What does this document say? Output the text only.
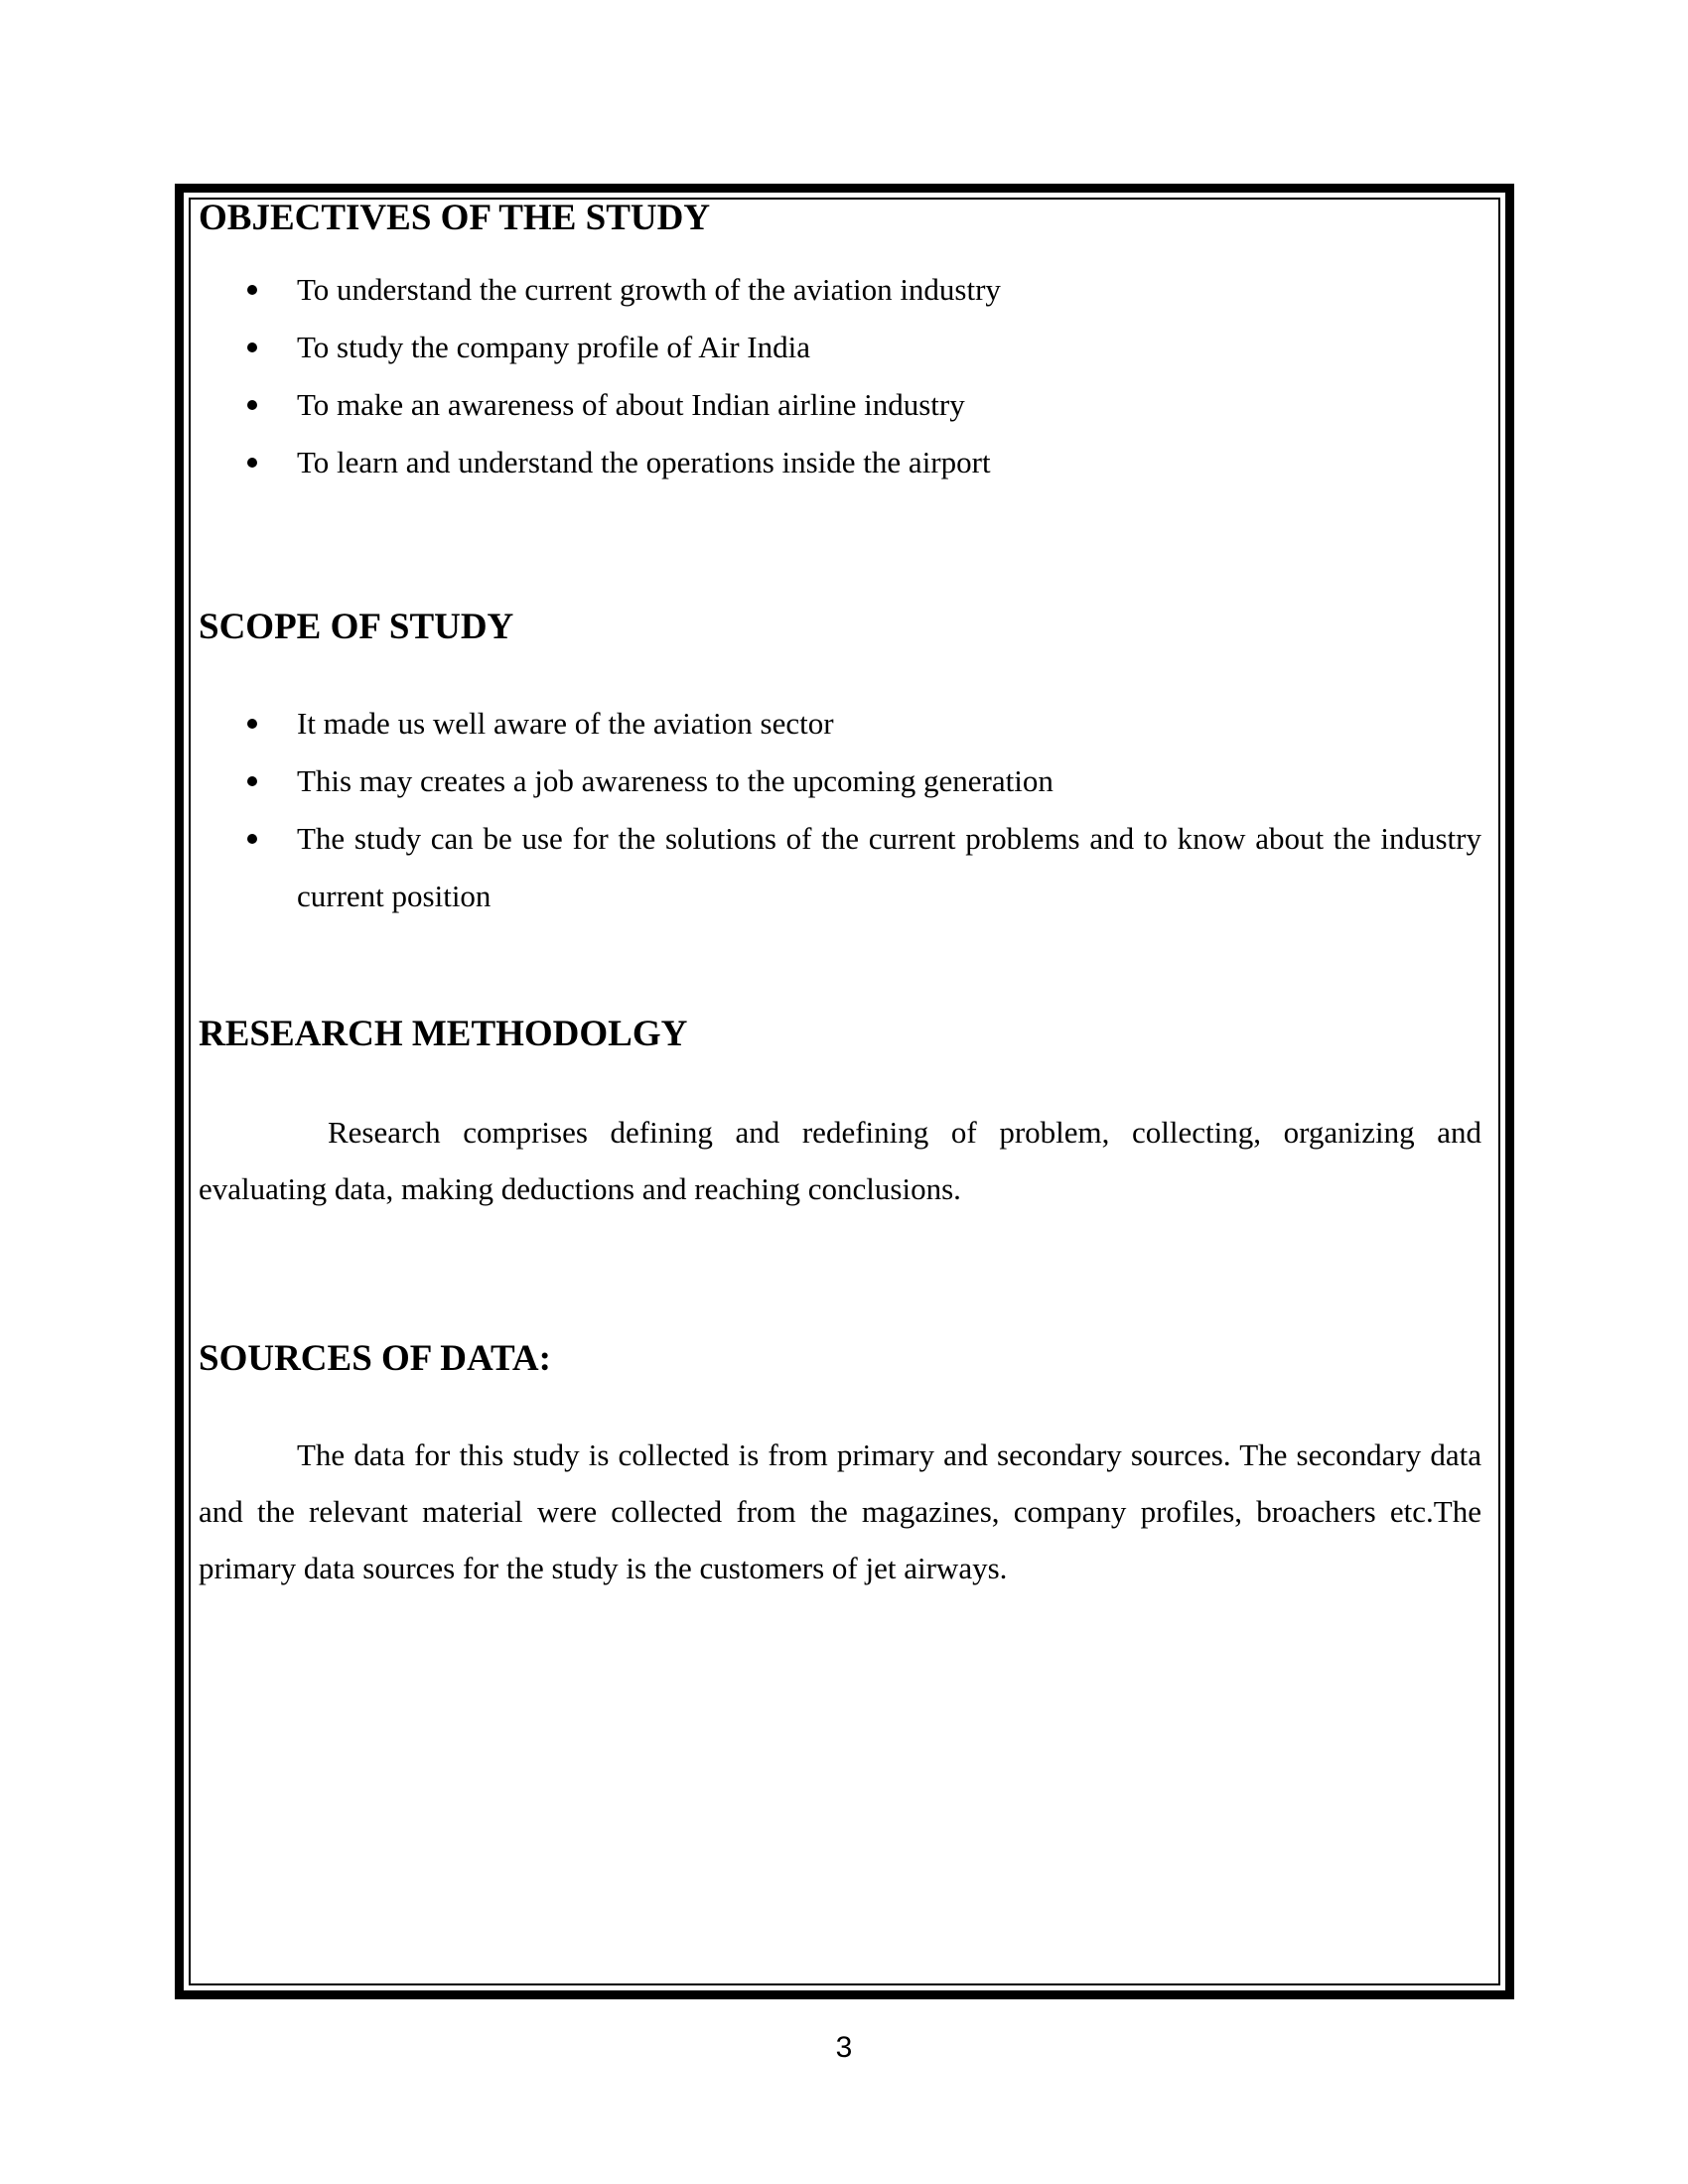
OBJECTIVES OF THE STUDY
To understand the current growth of the aviation industry
To study the company profile of Air India
To make an awareness of about Indian airline industry
To learn and understand the operations inside the airport
SCOPE OF STUDY
It made us well aware of the aviation sector
This may creates a job awareness to the upcoming generation
The study can be use for the solutions of the current problems and to know about the industry current position
RESEARCH METHODOLGY

Research comprises defining and redefining of problem, collecting, organizing and evaluating data, making deductions and reaching conclusions.

SOURCES OF DATA:

The data for this study is collected is from primary and secondary sources. The secondary data and the relevant material were collected from the magazines, company profiles, broachers etc.The primary data sources for the study is the customers of jet airways.

3
